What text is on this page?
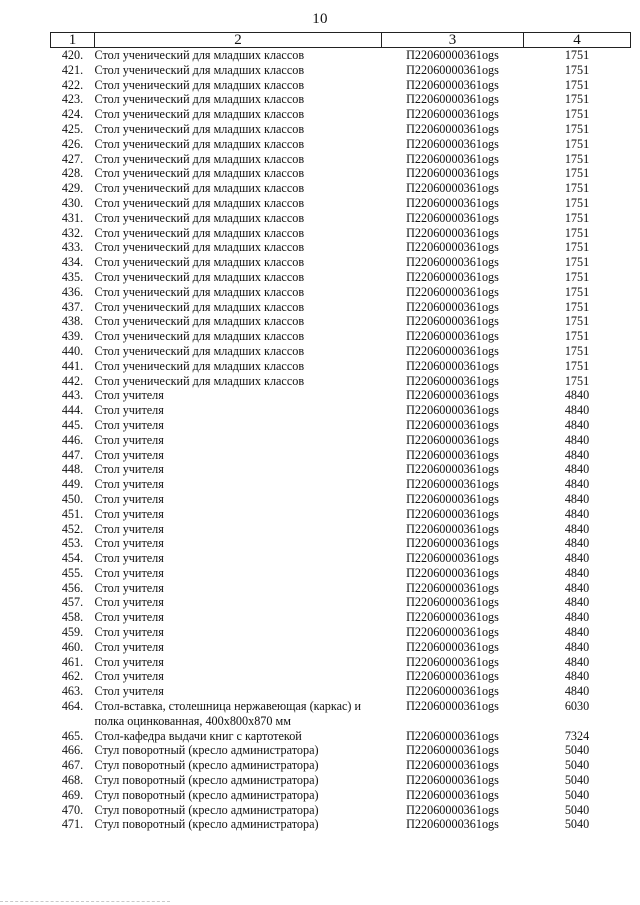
10
1	2	3	4
420.	Стол ученический для младших классов	П22060000361ogs	1751
421.	Стол ученический для младших классов	П22060000361ogs	1751
422.	Стол ученический для младших классов	П22060000361ogs	1751
423.	Стол ученический для младших классов	П22060000361ogs	1751
424.	Стол ученический для младших классов	П22060000361ogs	1751
425.	Стол ученический для младших классов	П22060000361ogs	1751
426.	Стол ученический для младших классов	П22060000361ogs	1751
427.	Стол ученический для младших классов	П22060000361ogs	1751
428.	Стол ученический для младших классов	П22060000361ogs	1751
429.	Стол ученический для младших классов	П22060000361ogs	1751
430.	Стол ученический для младших классов	П22060000361ogs	1751
431.	Стол ученический для младших классов	П22060000361ogs	1751
432.	Стол ученический для младших классов	П22060000361ogs	1751
433.	Стол ученический для младших классов	П22060000361ogs	1751
434.	Стол ученический для младших классов	П22060000361ogs	1751
435.	Стол ученический для младших классов	П22060000361ogs	1751
436.	Стол ученический для младших классов	П22060000361ogs	1751
437.	Стол ученический для младших классов	П22060000361ogs	1751
438.	Стол ученический для младших классов	П22060000361ogs	1751
439.	Стол ученический для младших классов	П22060000361ogs	1751
440.	Стол ученический для младших классов	П22060000361ogs	1751
441.	Стол ученический для младших классов	П22060000361ogs	1751
442.	Стол ученический для младших классов	П22060000361ogs	1751
443.	Стол учителя	П22060000361ogs	4840
444.	Стол учителя	П22060000361ogs	4840
445.	Стол учителя	П22060000361ogs	4840
446.	Стол учителя	П22060000361ogs	4840
447.	Стол учителя	П22060000361ogs	4840
448.	Стол учителя	П22060000361ogs	4840
449.	Стол учителя	П22060000361ogs	4840
450.	Стол учителя	П22060000361ogs	4840
451.	Стол учителя	П22060000361ogs	4840
452.	Стол учителя	П22060000361ogs	4840
453.	Стол учителя	П22060000361ogs	4840
454.	Стол учителя	П22060000361ogs	4840
455.	Стол учителя	П22060000361ogs	4840
456.	Стол учителя	П22060000361ogs	4840
457.	Стол учителя	П22060000361ogs	4840
458.	Стол учителя	П22060000361ogs	4840
459.	Стол учителя	П22060000361ogs	4840
460.	Стол учителя	П22060000361ogs	4840
461.	Стол учителя	П22060000361ogs	4840
462.	Стол учителя	П22060000361ogs	4840
463.	Стол учителя	П22060000361ogs	4840
464.	Стол-вставка, столешница нержавеющая (каркас) и полка оцинкованная, 400x800x870 мм	П22060000361ogs	6030
465.	Стол-кафедра выдачи книг с картотекой	П22060000361ogs	7324
466.	Стул поворотный (кресло администратора)	П22060000361ogs	5040
467.	Стул поворотный (кресло администратора)	П22060000361ogs	5040
468.	Стул поворотный (кресло администратора)	П22060000361ogs	5040
469.	Стул поворотный (кресло администратора)	П22060000361ogs	5040
470.	Стул поворотный (кресло администратора)	П22060000361ogs	5040
471.	Стул поворотный (кресло администратора)	П22060000361ogs	5040
